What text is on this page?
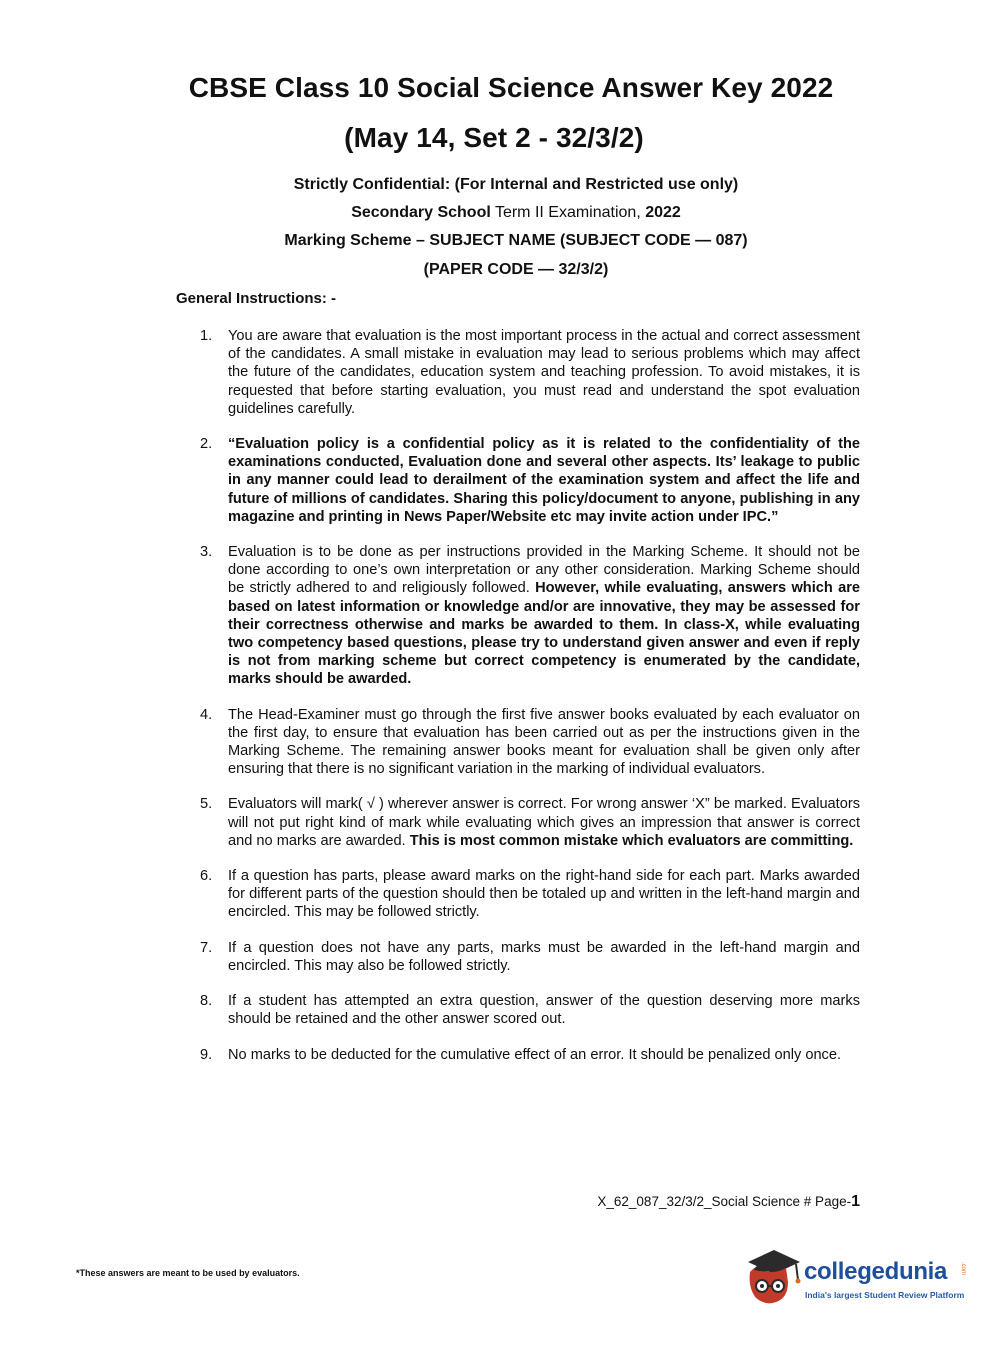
CBSE Class 10 Social Science Answer Key 2022
(May 14, Set 2 - 32/3/2)
Strictly Confidential: (For Internal and Restricted use only)
Secondary School Term II Examination, 2022
Marking Scheme – SUBJECT NAME (SUBJECT CODE — 087)
(PAPER CODE — 32/3/2)
General Instructions: -
1.	You are aware that evaluation is the most important process in the actual and correct assessment of the candidates. A small mistake in evaluation may lead to serious problems which may affect the future of the candidates, education system and teaching profession. To avoid mistakes, it is requested that before starting evaluation, you must read and understand the spot evaluation guidelines carefully.
2.	“Evaluation policy is a confidential policy as it is related to the confidentiality of the examinations conducted, Evaluation done and several other aspects. Its’ leakage to public in any manner could lead to derailment of the examination system and affect the life and future of millions of candidates. Sharing this policy/document to anyone, publishing in any magazine and printing in News Paper/Website etc may invite action under IPC.”
3.	Evaluation is to be done as per instructions provided in the Marking Scheme. It should not be done according to one’s own interpretation or any other consideration. Marking Scheme should be strictly adhered to and religiously followed. However, while evaluating, answers which are based on latest information or knowledge and/or are innovative, they may be assessed for their correctness otherwise and marks be awarded to them. In class-X, while evaluating two competency based questions, please try to understand given answer and even if reply is not from marking scheme but correct competency is enumerated by the candidate, marks should be awarded.
4.	The Head-Examiner must go through the first five answer books evaluated by each evaluator on the first day, to ensure that evaluation has been carried out as per the instructions given in the Marking Scheme. The remaining answer books meant for evaluation shall be given only after ensuring that there is no significant variation in the marking of individual evaluators.
5.	Evaluators will mark( √ ) wherever answer is correct. For wrong answer ‘X” be marked. Evaluators will not put right kind of mark while evaluating which gives an impression that answer is correct and no marks are awarded. This is most common mistake which evaluators are committing.
6.	If a question has parts, please award marks on the right-hand side for each part. Marks awarded for different parts of the question should then be totaled up and written in the left-hand margin and encircled. This may be followed strictly.
7.	If a question does not have any parts, marks must be awarded in the left-hand margin and encircled. This may also be followed strictly.
8.	If a student has attempted an extra question, answer of the question deserving more marks should be retained and the other answer scored out.
9.	No marks to be deducted for the cumulative effect of an error. It should be penalized only once.
X_62_087_32/3/2_Social Science # Page-1
*These answers are meant to be used by evaluators.	collegedunia .com
India's largest Student Review Platform
